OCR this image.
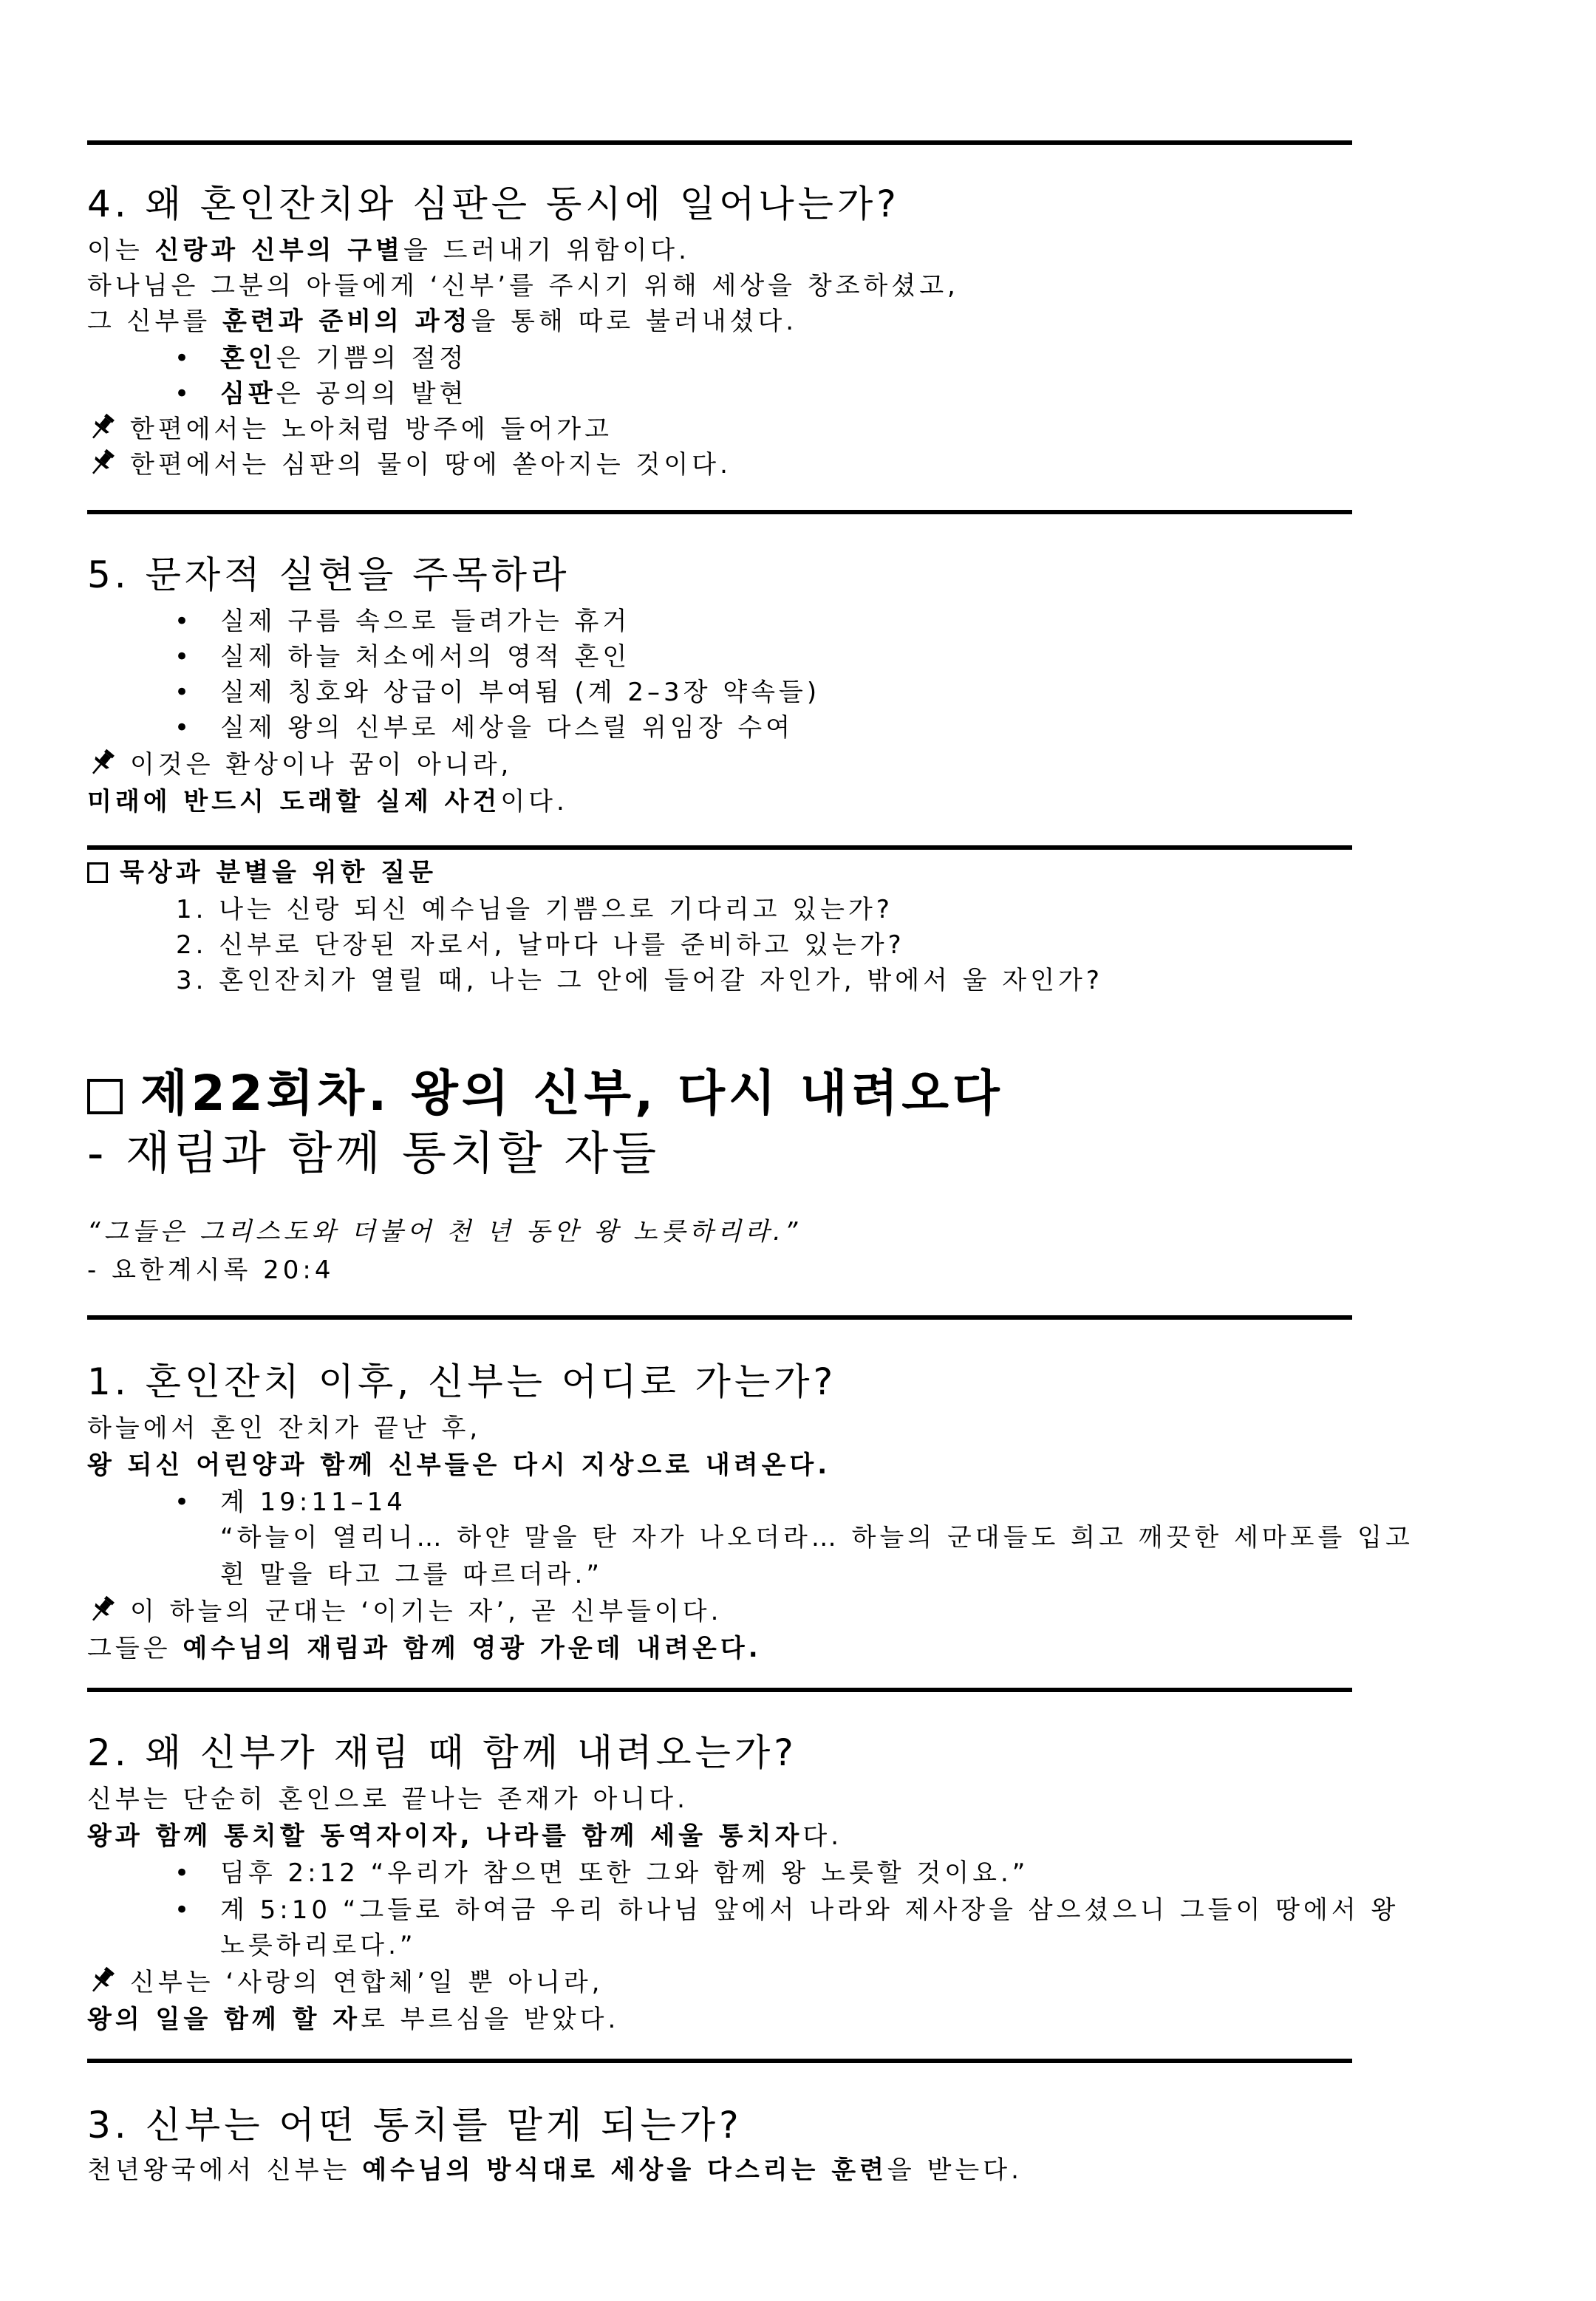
4. 왜 혼인잔치와 심판은 동시에 일어나는가?
이는 신랑과 신부의 구별을 드러내기 위함이다.
하나님은 그분의 아들에게 ‘신부’를 주시기 위해 세상을 창조하셨고,
그 신부를 훈련과 준비의 과정을 통해 따로 불러내셨다.
• 혼인은 기쁨의 절정
• 심판은 공의의 발현
한편에서는 노아처럼 방주에 들어가고
한편에서는 심판의 물이 땅에 쏟아지는 것이다.
5. 문자적 실현을 주목하라
• 실제 구름 속으로 들려가는 휴거
• 실제 하늘 처소에서의 영적 혼인
• 실제 칭호와 상급이 부여됨 (계 2–3장 약속들)
• 실제 왕의 신부로 세상을 다스릴 위임장 수여
이것은 환상이나 꿈이 아니라,
미래에 반드시 도래할 실제 사건이다.
묵상과 분별을 위한 질문
1. 나는 신랑 되신 예수님을 기쁨으로 기다리고 있는가?
2. 신부로 단장된 자로서, 날마다 나를 준비하고 있는가?
3. 혼인잔치가 열릴 때, 나는 그 안에 들어갈 자인가, 밖에서 울 자인가?
제22회차. 왕의 신부, 다시 내려오다
- 재림과 함께 통치할 자들
“그들은 그리스도와 더불어 천 년 동안 왕 노릇하리라.”
- 요한계시록 20:4
1. 혼인잔치 이후, 신부는 어디로 가는가?
하늘에서 혼인 잔치가 끝난 후,
왕 되신 어린양과 함께 신부들은 다시 지상으로 내려온다.
• 계 19:11–14
“하늘이 열리니… 하얀 말을 탄 자가 나오더라… 하늘의 군대들도 희고 깨끗한 세마포를 입고
흰 말을 타고 그를 따르더라.”
이 하늘의 군대는 ‘이기는 자’, 곧 신부들이다.
그들은 예수님의 재림과 함께 영광 가운데 내려온다.
2. 왜 신부가 재림 때 함께 내려오는가?
신부는 단순히 혼인으로 끝나는 존재가 아니다.
왕과 함께 통치할 동역자이자, 나라를 함께 세울 통치자다.
• 딤후 2:12 “우리가 참으면 또한 그와 함께 왕 노릇할 것이요.”
• 계 5:10 “그들로 하여금 우리 하나님 앞에서 나라와 제사장을 삼으셨으니 그들이 땅에서 왕
노릇하리로다.”
신부는 ‘사랑의 연합체’일 뿐 아니라,
왕의 일을 함께 할 자로 부르심을 받았다.
3. 신부는 어떤 통치를 맡게 되는가?
천년왕국에서 신부는 예수님의 방식대로 세상을 다스리는 훈련을 받는다.
